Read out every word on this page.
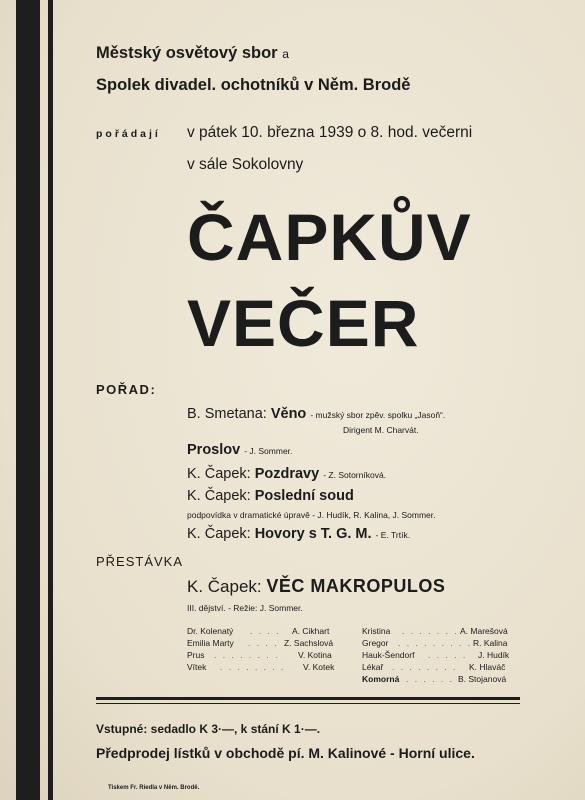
Městský osvětový sbor a
Spolek divadel. ochotníků v Něm. Brodě
pořádají v pátek 10. března 1939 o 8. hod. večerni
v sále Sokolovny
ČAPKŮV
VEČER
POŘAD:
B. Smetana: Věno - mužský sbor zpěv. spolku „Jasoň“.
Dirigent M. Charvát.
Proslov - J. Sommer.
K. Čapek: Pozdravy - Z. Sotorníková.
K. Čapek: Poslední soud
podpovídka v dramatické úpravě - J. Hudík, R. Kalina, J. Sommer.
K. Čapek: Hovory s T. G. M. - E. Trtík.
PŘESTÁVKA
K. Čapek: VĚC MAKROPULOS
III. dějství. - Režie: J. Sommer.
Dr. Kolenatý	A. Cikhart
Emilia Marty	Z. Sachslová
Prus	V. Kotina
Vítek	V. Kotek
. . . .
. . . .
. . . . . . . .
. . . . . . . .
Kristina	A. Marešová
Gregor	R. Kalina
Hauk-Šendorf	J. Hudík
Lékař	K. Hlaváč
Komorná	B. Stojanová
. . . . . . .
. . . . . . . . .
. . . . .
. . . . . . . .
. . . . . .
Vstupné: sedadlo K 3·—, k stání K 1·—.
Předprodej lístků v obchodě pí. M. Kalinové - Horní ulice.
Tiskem Fr. Riedla v Něm. Brodě.
